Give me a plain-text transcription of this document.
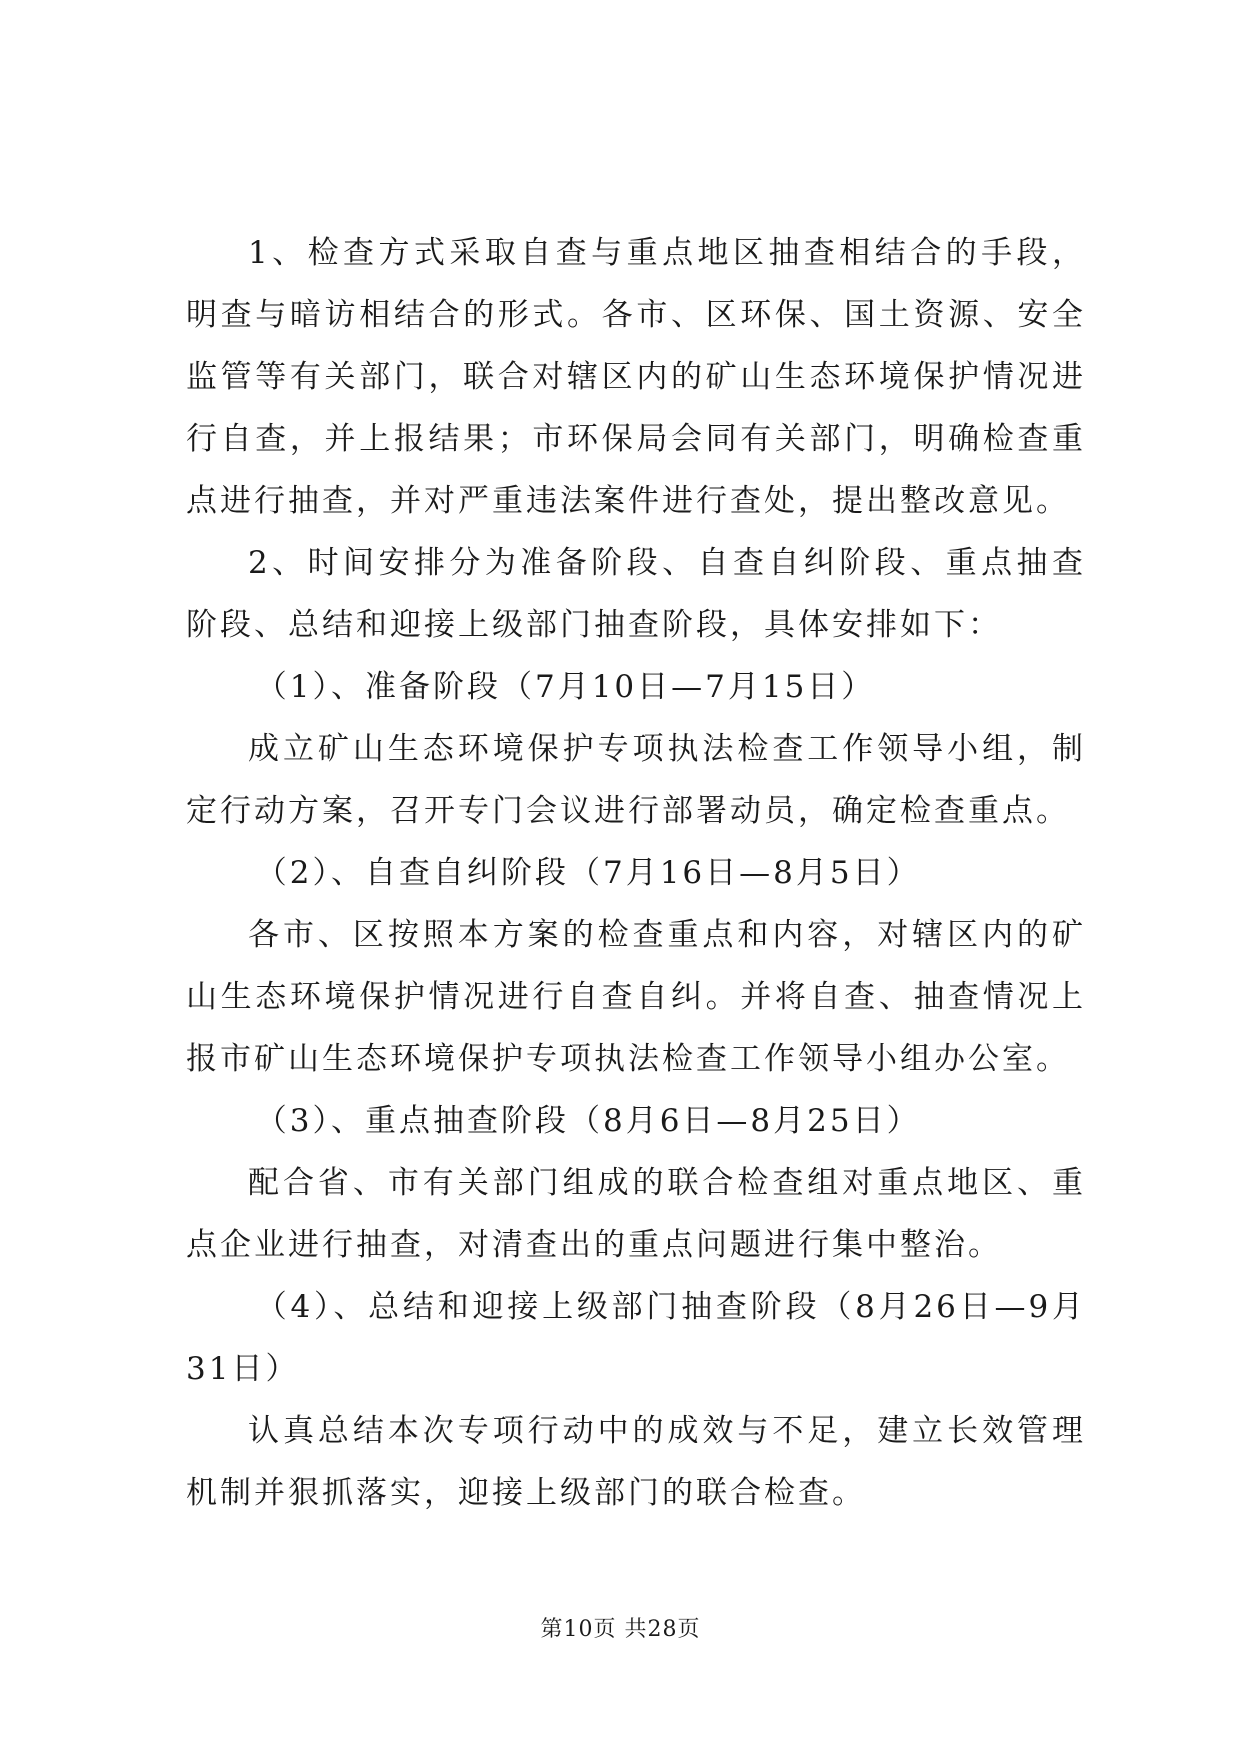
1、检查方式采取自查与重点地区抽查相结合的手段，明查与暗访相结合的形式。各市、区环保、国土资源、安全监管等有关部门，联合对辖区内的矿山生态环境保护情况进行自查，并上报结果；市环保局会同有关部门，明确检查重点进行抽查，并对严重违法案件进行查处，提出整改意见。

2、时间安排分为准备阶段、自查自纠阶段、重点抽查阶段、总结和迎接上级部门抽查阶段，具体安排如下：

（1）、准备阶段（7月10日—7月15日）

成立矿山生态环境保护专项执法检查工作领导小组，制定行动方案，召开专门会议进行部署动员，确定检查重点。

（2）、自查自纠阶段（7月16日—8月5日）

各市、区按照本方案的检查重点和内容，对辖区内的矿山生态环境保护情况进行自查自纠。并将自查、抽查情况上报市矿山生态环境保护专项执法检查工作领导小组办公室。

（3）、重点抽查阶段（8月6日—8月25日）

配合省、市有关部门组成的联合检查组对重点地区、重点企业进行抽查，对清查出的重点问题进行集中整治。

（4）、总结和迎接上级部门抽查阶段（8月26日—9月31日）

认真总结本次专项行动中的成效与不足，建立长效管理机制并狠抓落实，迎接上级部门的联合检查。

第10页 共28页
